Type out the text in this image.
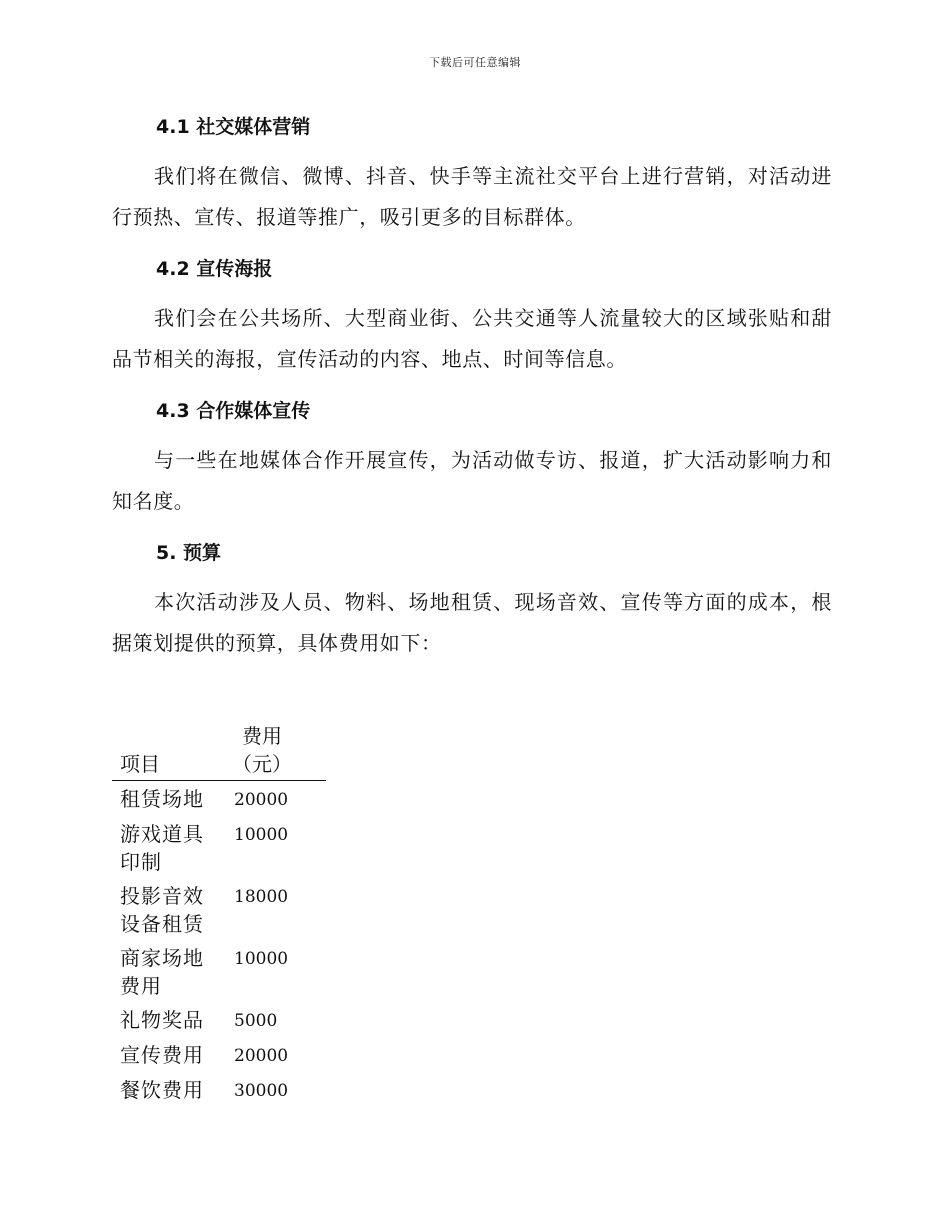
下载后可任意编辑
4.1 社交媒体营销

我们将在微信、微博、抖音、快手等主流社交平台上进行营销，对活动进行预热、宣传、报道等推广，吸引更多的目标群体。

4.2 宣传海报

我们会在公共场所、大型商业街、公共交通等人流量较大的区域张贴和甜品节相关的海报，宣传活动的内容、地点、时间等信息。

4.3 合作媒体宣传

与一些在地媒体合作开展宣传，为活动做专访、报道，扩大活动影响力和知名度。

5. 预算

本次活动涉及人员、物料、场地租赁、现场音效、宣传等方面的成本，根据策划提供的预算，具体费用如下：

项目	费用
（元）
租赁场地	20000
游戏道具印制	10000
投影音效设备租赁	18000
商家场地费用	10000
礼物奖品	5000
宣传费用	20000
餐饮费用	30000
